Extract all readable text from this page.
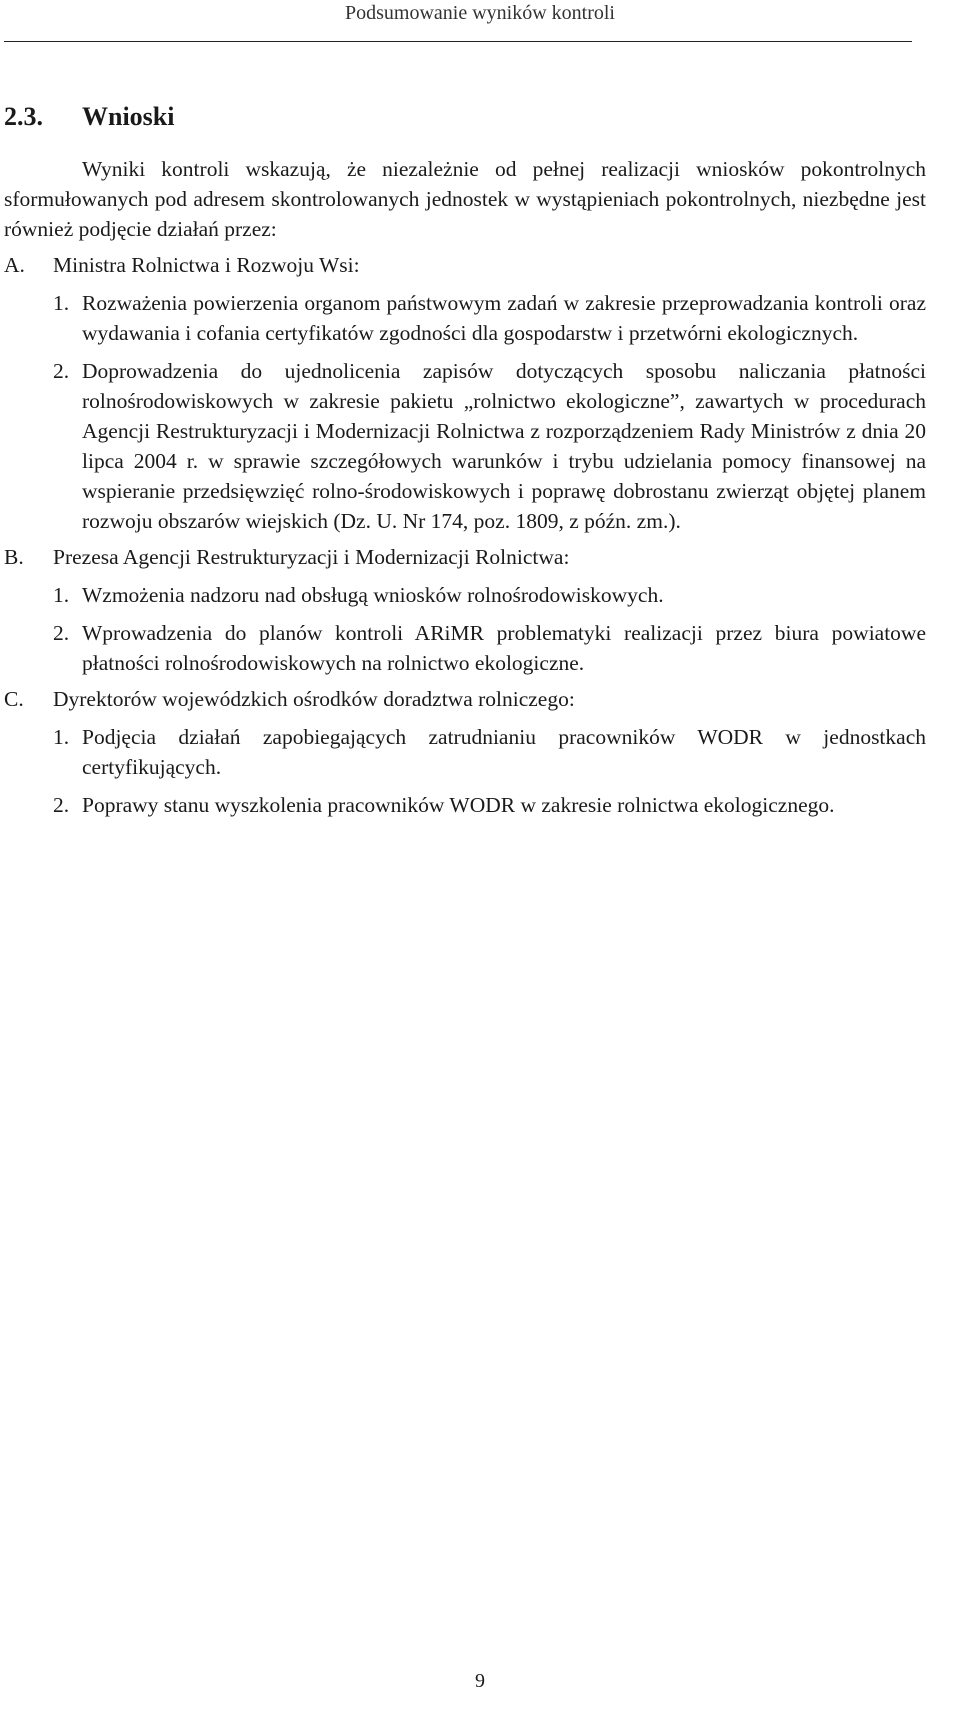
Podsumowanie wyników kontroli
2.3. Wnioski

Wyniki kontroli wskazują, że niezależnie od pełnej realizacji wniosków pokontrolnych sformułowanych pod adresem skontrolowanych jednostek w wystąpieniach pokontrolnych, niezbędne jest również podjęcie działań przez:

A. Ministra Rolnictwa i Rozwoju Wsi:
1. Rozważenia powierzenia organom państwowym zadań w zakresie przeprowadzania kontroli oraz wydawania i cofania certyfikatów zgodności dla gospodarstw i przetwórni ekologicznych.
2. Doprowadzenia do ujednolicenia zapisów dotyczących sposobu naliczania płatności rolnośrodowiskowych w zakresie pakietu „rolnictwo ekologiczne”, zawartych w procedurach Agencji Restrukturyzacji i Modernizacji Rolnictwa z rozporządzeniem Rady Ministrów z dnia 20 lipca 2004 r. w sprawie szczegółowych warunków i trybu udzielania pomocy finansowej na wspieranie przedsięwzięć rolno-środowiskowych i poprawę dobrostanu zwierząt objętej planem rozwoju obszarów wiejskich (Dz. U. Nr 174, poz. 1809, z późn. zm.).
B. Prezesa Agencji Restrukturyzacji i Modernizacji Rolnictwa:
1. Wzmożenia nadzoru nad obsługą wniosków rolnośrodowiskowych.
2. Wprowadzenia do planów kontroli ARiMR problematyki realizacji przez biura powiatowe płatności rolnośrodowiskowych na rolnictwo ekologiczne.
C. Dyrektorów wojewódzkich ośrodków doradztwa rolniczego:
1. Podjęcia działań zapobiegających zatrudnianiu pracowników WODR w jednostkach certyfikujących.
2. Poprawy stanu wyszkolenia pracowników WODR w zakresie rolnictwa ekologicznego.
9
